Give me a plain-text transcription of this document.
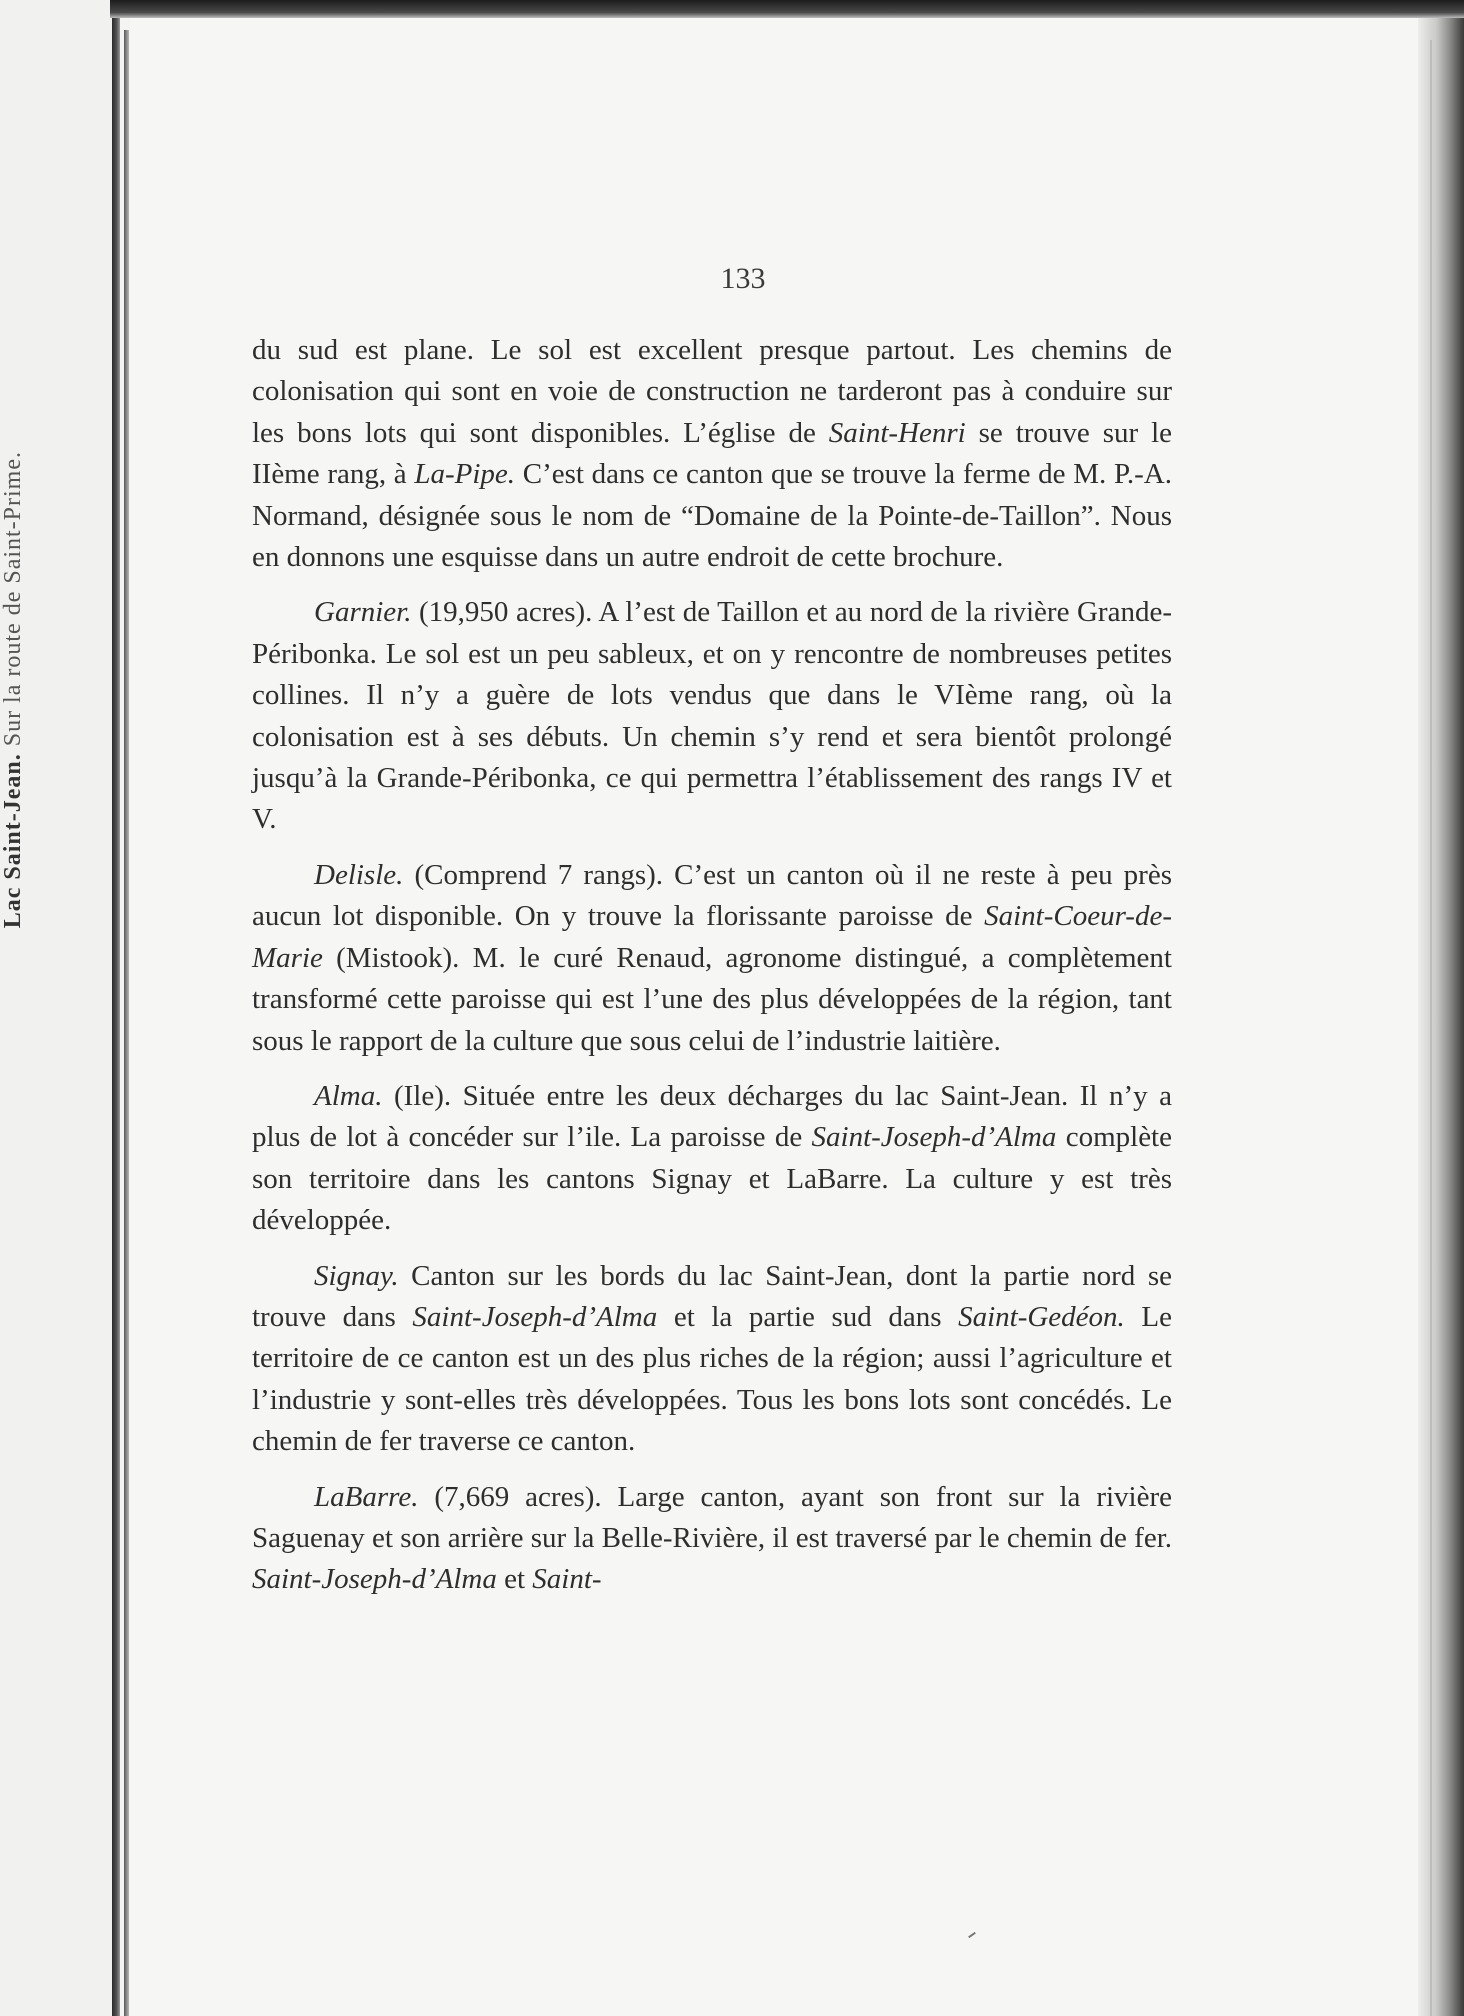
Lac Saint-Jean. Sur la route de Saint-Prime.
133

du sud est plane. Le sol est excellent presque partout. Les chemins de colonisation qui sont en voie de construction ne tarderont pas à conduire sur les bons lots qui sont disponibles. L’église de Saint-Henri se trouve sur le IIème rang, à La-Pipe. C’est dans ce canton que se trouve la ferme de M. P.-A. Normand, désignée sous le nom de “Domaine de la Pointe-de-Taillon”. Nous en donnons une esquisse dans un autre endroit de cette brochure.

Garnier. (19,950 acres). A l’est de Taillon et au nord de la rivière Grande-Péribonka. Le sol est un peu sableux, et on y rencontre de nombreuses petites collines. Il n’y a guère de lots vendus que dans le VIème rang, où la colonisation est à ses débuts. Un chemin s’y rend et sera bientôt prolongé jusqu’à la Grande-Péribonka, ce qui permettra l’établissement des rangs IV et V.

Delisle. (Comprend 7 rangs). C’est un canton où il ne reste à peu près aucun lot disponible. On y trouve la florissante paroisse de Saint-Coeur-de-Marie (Mistook). M. le curé Renaud, agronome distingué, a complètement transformé cette paroisse qui est l’une des plus développées de la région, tant sous le rapport de la culture que sous celui de l’industrie laitière.

Alma. (Ile). Située entre les deux décharges du lac Saint-Jean. Il n’y a plus de lot à concéder sur l’ile. La paroisse de Saint-Joseph-d’Alma complète son territoire dans les cantons Signay et LaBarre. La culture y est très développée.

Signay. Canton sur les bords du lac Saint-Jean, dont la partie nord se trouve dans Saint-Joseph-d’Alma et la partie sud dans Saint-Gedéon. Le territoire de ce canton est un des plus riches de la région; aussi l’agriculture et l’industrie y sont-elles très développées. Tous les bons lots sont concédés. Le chemin de fer traverse ce canton.

LaBarre. (7,669 acres). Large canton, ayant son front sur la rivière Saguenay et son arrière sur la Belle-Rivière, il est traversé par le chemin de fer. Saint-Joseph-d’Alma et Saint-
